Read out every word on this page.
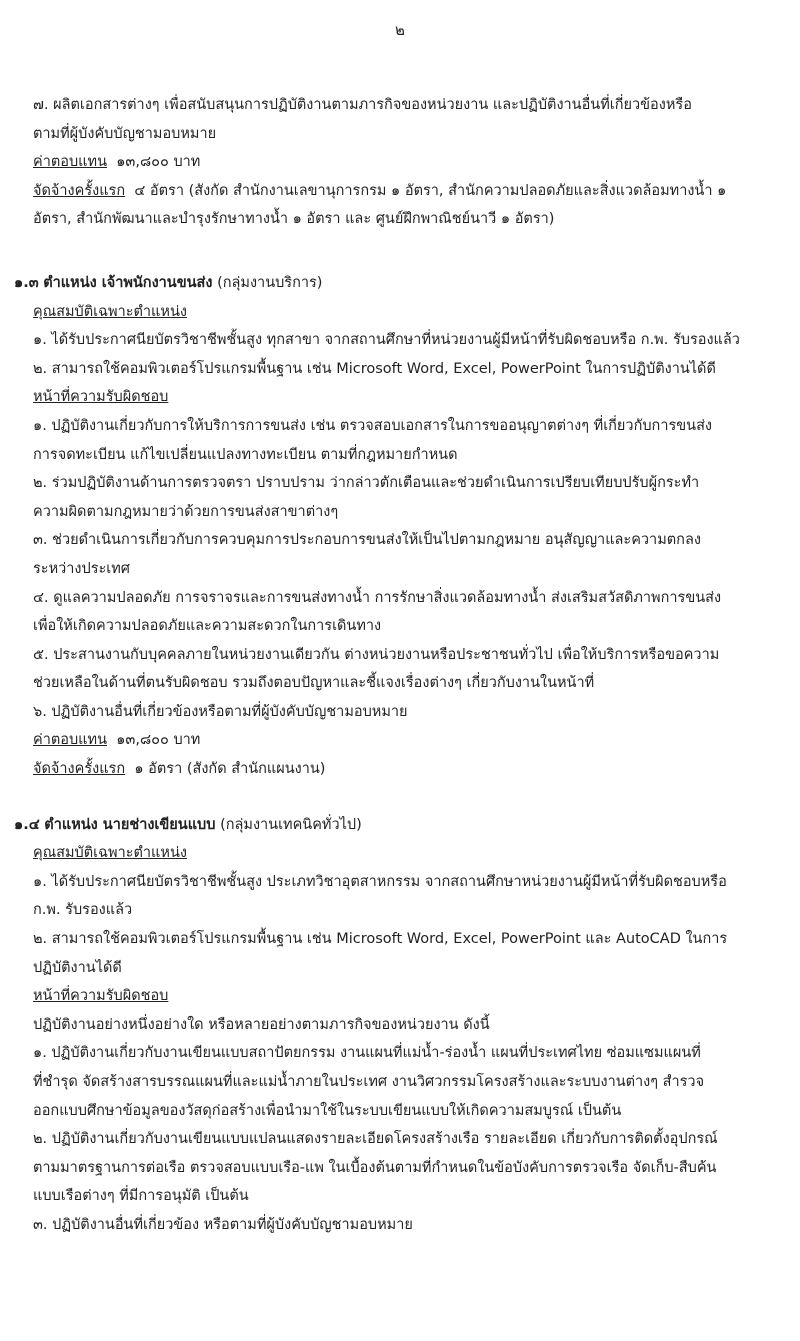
๒
๗. ผลิตเอกสารต่างๆ เพื่อสนับสนุนการปฏิบัติงานตามภารกิจของหน่วยงาน และปฏิบัติงานอื่นที่เกี่ยวข้องหรือ
ตามที่ผู้บังคับบัญชามอบหมาย
ค่าตอบแทน ๑๓,๘๐๐ บาท
จัดจ้างครั้งแรก ๔ อัตรา (สังกัด สำนักงานเลขานุการกรม ๑ อัตรา, สำนักความปลอดภัยและสิ่งแวดล้อมทางน้ำ ๑
อัตรา, สำนักพัฒนาและบำรุงรักษาทางน้ำ ๑ อัตรา และ ศูนย์ฝึกพาณิชย์นาวี ๑ อัตรา)
๑.๓ ตำแหน่ง เจ้าพนักงานขนส่ง (กลุ่มงานบริการ)
คุณสมบัติเฉพาะตำแหน่ง
๑. ได้รับประกาศนียบัตรวิชาชีพชั้นสูง ทุกสาขา จากสถานศึกษาที่หน่วยงานผู้มีหน้าที่รับผิดชอบหรือ ก.พ. รับรองแล้ว
๒. สามารถใช้คอมพิวเตอร์โปรแกรมพื้นฐาน เช่น Microsoft Word, Excel, PowerPoint ในการปฏิบัติงานได้ดี
หน้าที่ความรับผิดชอบ
๑. ปฏิบัติงานเกี่ยวกับการให้บริการการขนส่ง เช่น ตรวจสอบเอกสารในการขออนุญาตต่างๆ ที่เกี่ยวกับการขนส่ง
การจดทะเบียน แก้ไขเปลี่ยนแปลงทางทะเบียน ตามที่กฎหมายกำหนด
๒. ร่วมปฏิบัติงานด้านการตรวจตรา ปราบปราม ว่ากล่าวตักเตือนและช่วยดำเนินการเปรียบเทียบปรับผู้กระทำ
ความผิดตามกฎหมายว่าด้วยการขนส่งสาขาต่างๆ
๓. ช่วยดำเนินการเกี่ยวกับการควบคุมการประกอบการขนส่งให้เป็นไปตามกฎหมาย อนุสัญญาและความตกลง
ระหว่างประเทศ
๔. ดูแลความปลอดภัย การจราจรและการขนส่งทางน้ำ การรักษาสิ่งแวดล้อมทางน้ำ ส่งเสริมสวัสดิภาพการขนส่ง
เพื่อให้เกิดความปลอดภัยและความสะดวกในการเดินทาง
๕. ประสานงานกับบุคคลภายในหน่วยงานเดียวกัน ต่างหน่วยงานหรือประชาชนทั่วไป เพื่อให้บริการหรือขอความ
ช่วยเหลือในด้านที่ตนรับผิดชอบ รวมถึงตอบปัญหาและชี้แจงเรื่องต่างๆ เกี่ยวกับงานในหน้าที่
๖. ปฏิบัติงานอื่นที่เกี่ยวข้องหรือตามที่ผู้บังคับบัญชามอบหมาย
ค่าตอบแทน ๑๓,๘๐๐ บาท
จัดจ้างครั้งแรก ๑ อัตรา (สังกัด สำนักแผนงาน)
๑.๔ ตำแหน่ง นายช่างเขียนแบบ (กลุ่มงานเทคนิคทั่วไป)
คุณสมบัติเฉพาะตำแหน่ง
๑. ได้รับประกาศนียบัตรวิชาชีพชั้นสูง ประเภทวิชาอุตสาหกรรม จากสถานศึกษาหน่วยงานผู้มีหน้าที่รับผิดชอบหรือ
ก.พ. รับรองแล้ว
๒. สามารถใช้คอมพิวเตอร์โปรแกรมพื้นฐาน เช่น Microsoft Word, Excel, PowerPoint และ AutoCAD ในการ
ปฏิบัติงานได้ดี
หน้าที่ความรับผิดชอบ
ปฏิบัติงานอย่างหนึ่งอย่างใด หรือหลายอย่างตามภารกิจของหน่วยงาน ดังนี้
๑. ปฏิบัติงานเกี่ยวกับงานเขียนแบบสถาปัตยกรรม งานแผนที่แม่น้ำ-ร่องน้ำ แผนที่ประเทศไทย ซ่อมแซมแผนที่
ที่ชำรุด จัดสร้างสารบรรณแผนที่และแม่น้ำภายในประเทศ งานวิศวกรรมโครงสร้างและระบบงานต่างๆ สำรวจ
ออกแบบศึกษาข้อมูลของวัสดุก่อสร้างเพื่อนำมาใช้ในระบบเขียนแบบให้เกิดความสมบูรณ์ เป็นต้น
๒. ปฏิบัติงานเกี่ยวกับงานเขียนแบบแปลนแสดงรายละเอียดโครงสร้างเรือ รายละเอียด เกี่ยวกับการติดตั้งอุปกรณ์
ตามมาตรฐานการต่อเรือ ตรวจสอบแบบเรือ-แพ ในเบื้องต้นตามที่กำหนดในข้อบังคับการตรวจเรือ จัดเก็บ-สืบค้น
แบบเรือต่างๆ ที่มีการอนุมัติ เป็นต้น
๓. ปฏิบัติงานอื่นที่เกี่ยวข้อง หรือตามที่ผู้บังคับบัญชามอบหมาย
